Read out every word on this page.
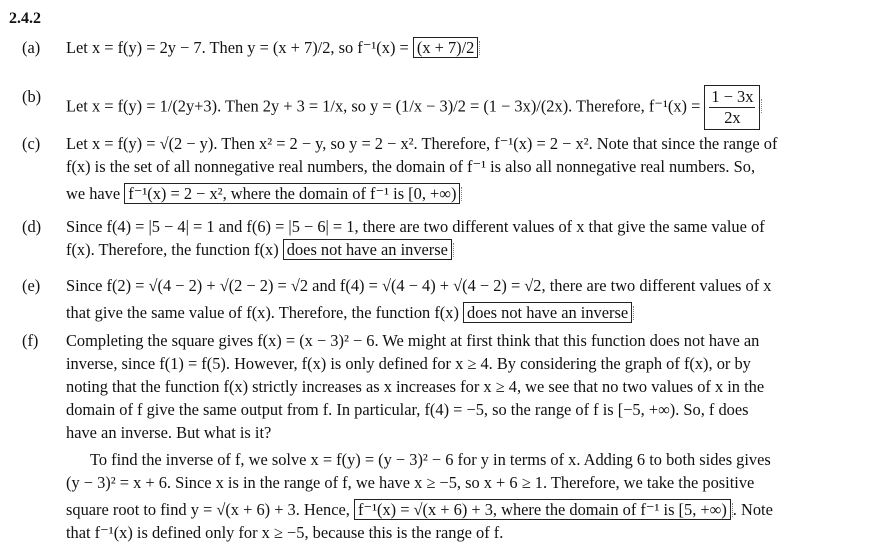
2.4.2
(a)	Let x = f(y) = 2y − 7. Then y = (x + 7)/2, so f⁻¹(x) = (x + 7)/2
(b)	Let x = f(y) = 1/(2y+3). Then 2y + 3 = 1/x, so y = (1/x − 3)/2 = (1 − 3x)/(2x). Therefore, $f^{-1}(x) = \frac{1 - 3x}{2x}$
(c)	Let x = f(y) = √(2 − y). Then x² = 2 − y, so y = 2 − x². Therefore, f⁻¹(x) = 2 − x². Note that since the range of
f(x) is the set of all nonnegative real numbers, the domain of f⁻¹ is also all nonnegative real numbers. So,
we have f⁻¹(x) = 2 − x², where the domain of f⁻¹ is [0, +∞)
(d)	Since f(4) = |5 − 4| = 1 and f(6) = |5 − 6| = 1, there are two different values of x that give the same value of
f(x). Therefore, the function f(x) does not have an inverse
(e)	Since f(2) = √(4 − 2) + √(2 − 2) = √2 and f(4) = √(4 − 4) + √(4 − 2) = √2, there are two different values of x
that give the same value of f(x). Therefore, the function f(x) does not have an inverse
(f)	Completing the square gives f(x) = (x − 3)² − 6. We might at first think that this function does not have an
inverse, since f(1) = f(5). However, f(x) is only defined for x ≥ 4. By considering the graph of f(x), or by
noting that the function f(x) strictly increases as x increases for x ≥ 4, we see that no two values of x in the
domain of f give the same output from f. In particular, f(4) = −5, so the range of f is [−5, +∞). So, f does
have an inverse. But what is it?
To find the inverse of f, we solve x = f(y) = (y − 3)² − 6 for y in terms of x. Adding 6 to both sides gives
(y − 3)² = x + 6. Since x is in the range of f, we have x ≥ −5, so x + 6 ≥ 1. Therefore, we take the positive
square root to find y = √(x + 6) + 3. Hence, f⁻¹(x) = √(x + 6) + 3, where the domain of f⁻¹ is [5, +∞) . Note
that f⁻¹(x) is defined only for x ≥ −5, because this is the range of f.
